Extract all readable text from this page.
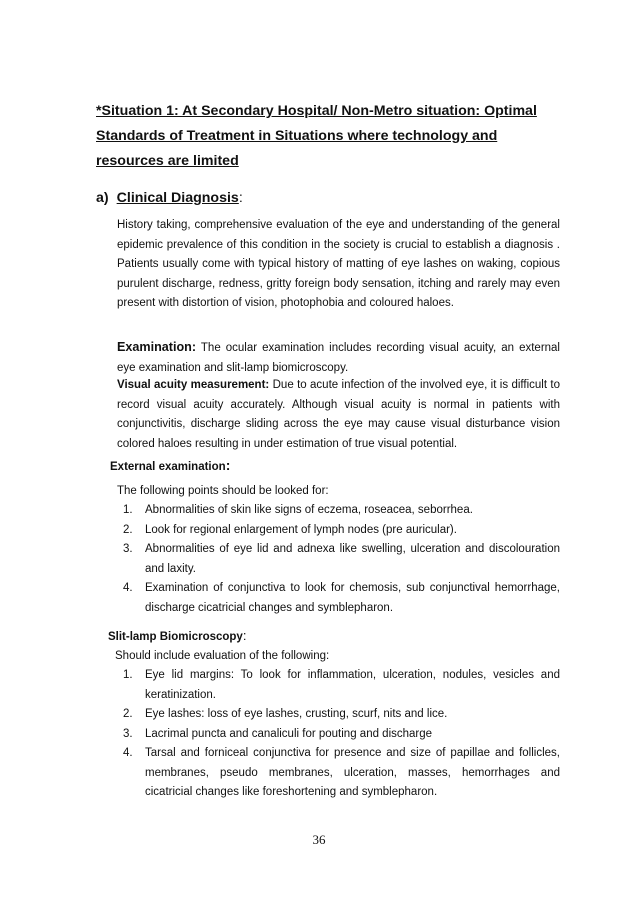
*Situation 1: At Secondary Hospital/ Non-Metro situation: Optimal Standards of Treatment in Situations where technology and resources are limited
a) Clinical Diagnosis:

History taking, comprehensive evaluation of the eye and understanding of the general epidemic prevalence of this condition in the society is crucial to establish a diagnosis . Patients usually come with typical history of matting of eye lashes on waking, copious purulent discharge, redness, gritty foreign body sensation, itching and rarely may even present with distortion of vision, photophobia and coloured haloes.

Examination: The ocular examination includes recording visual acuity, an external eye examination and slit-lamp biomicroscopy.

Visual acuity measurement: Due to acute infection of the involved eye, it is difficult to record visual acuity accurately. Although visual acuity is normal in patients with conjunctivitis, discharge sliding across the eye may cause visual disturbance vision colored haloes resulting in under estimation of true visual potential.

External examination:
The following points should be looked for:
1. Abnormalities of skin like signs of eczema, roseacea, seborrhea.
2. Look for regional enlargement of lymph nodes (pre auricular).
3. Abnormalities of eye lid and adnexa like swelling, ulceration and discolouration and laxity.
4. Examination of conjunctiva to look for chemosis, sub conjunctival hemorrhage, discharge cicatricial changes and symblepharon.
Slit-lamp Biomicroscopy:
Should include evaluation of the following:
1. Eye lid margins: To look for inflammation, ulceration, nodules, vesicles and keratinization.
2. Eye lashes: loss of eye lashes, crusting, scurf, nits and lice.
3. Lacrimal puncta and canaliculi for pouting and discharge
4. Tarsal and forniceal conjunctiva for presence and size of papillae and follicles, membranes, pseudo membranes, ulceration, masses, hemorrhages and cicatricial changes like foreshortening and symblepharon.
36
